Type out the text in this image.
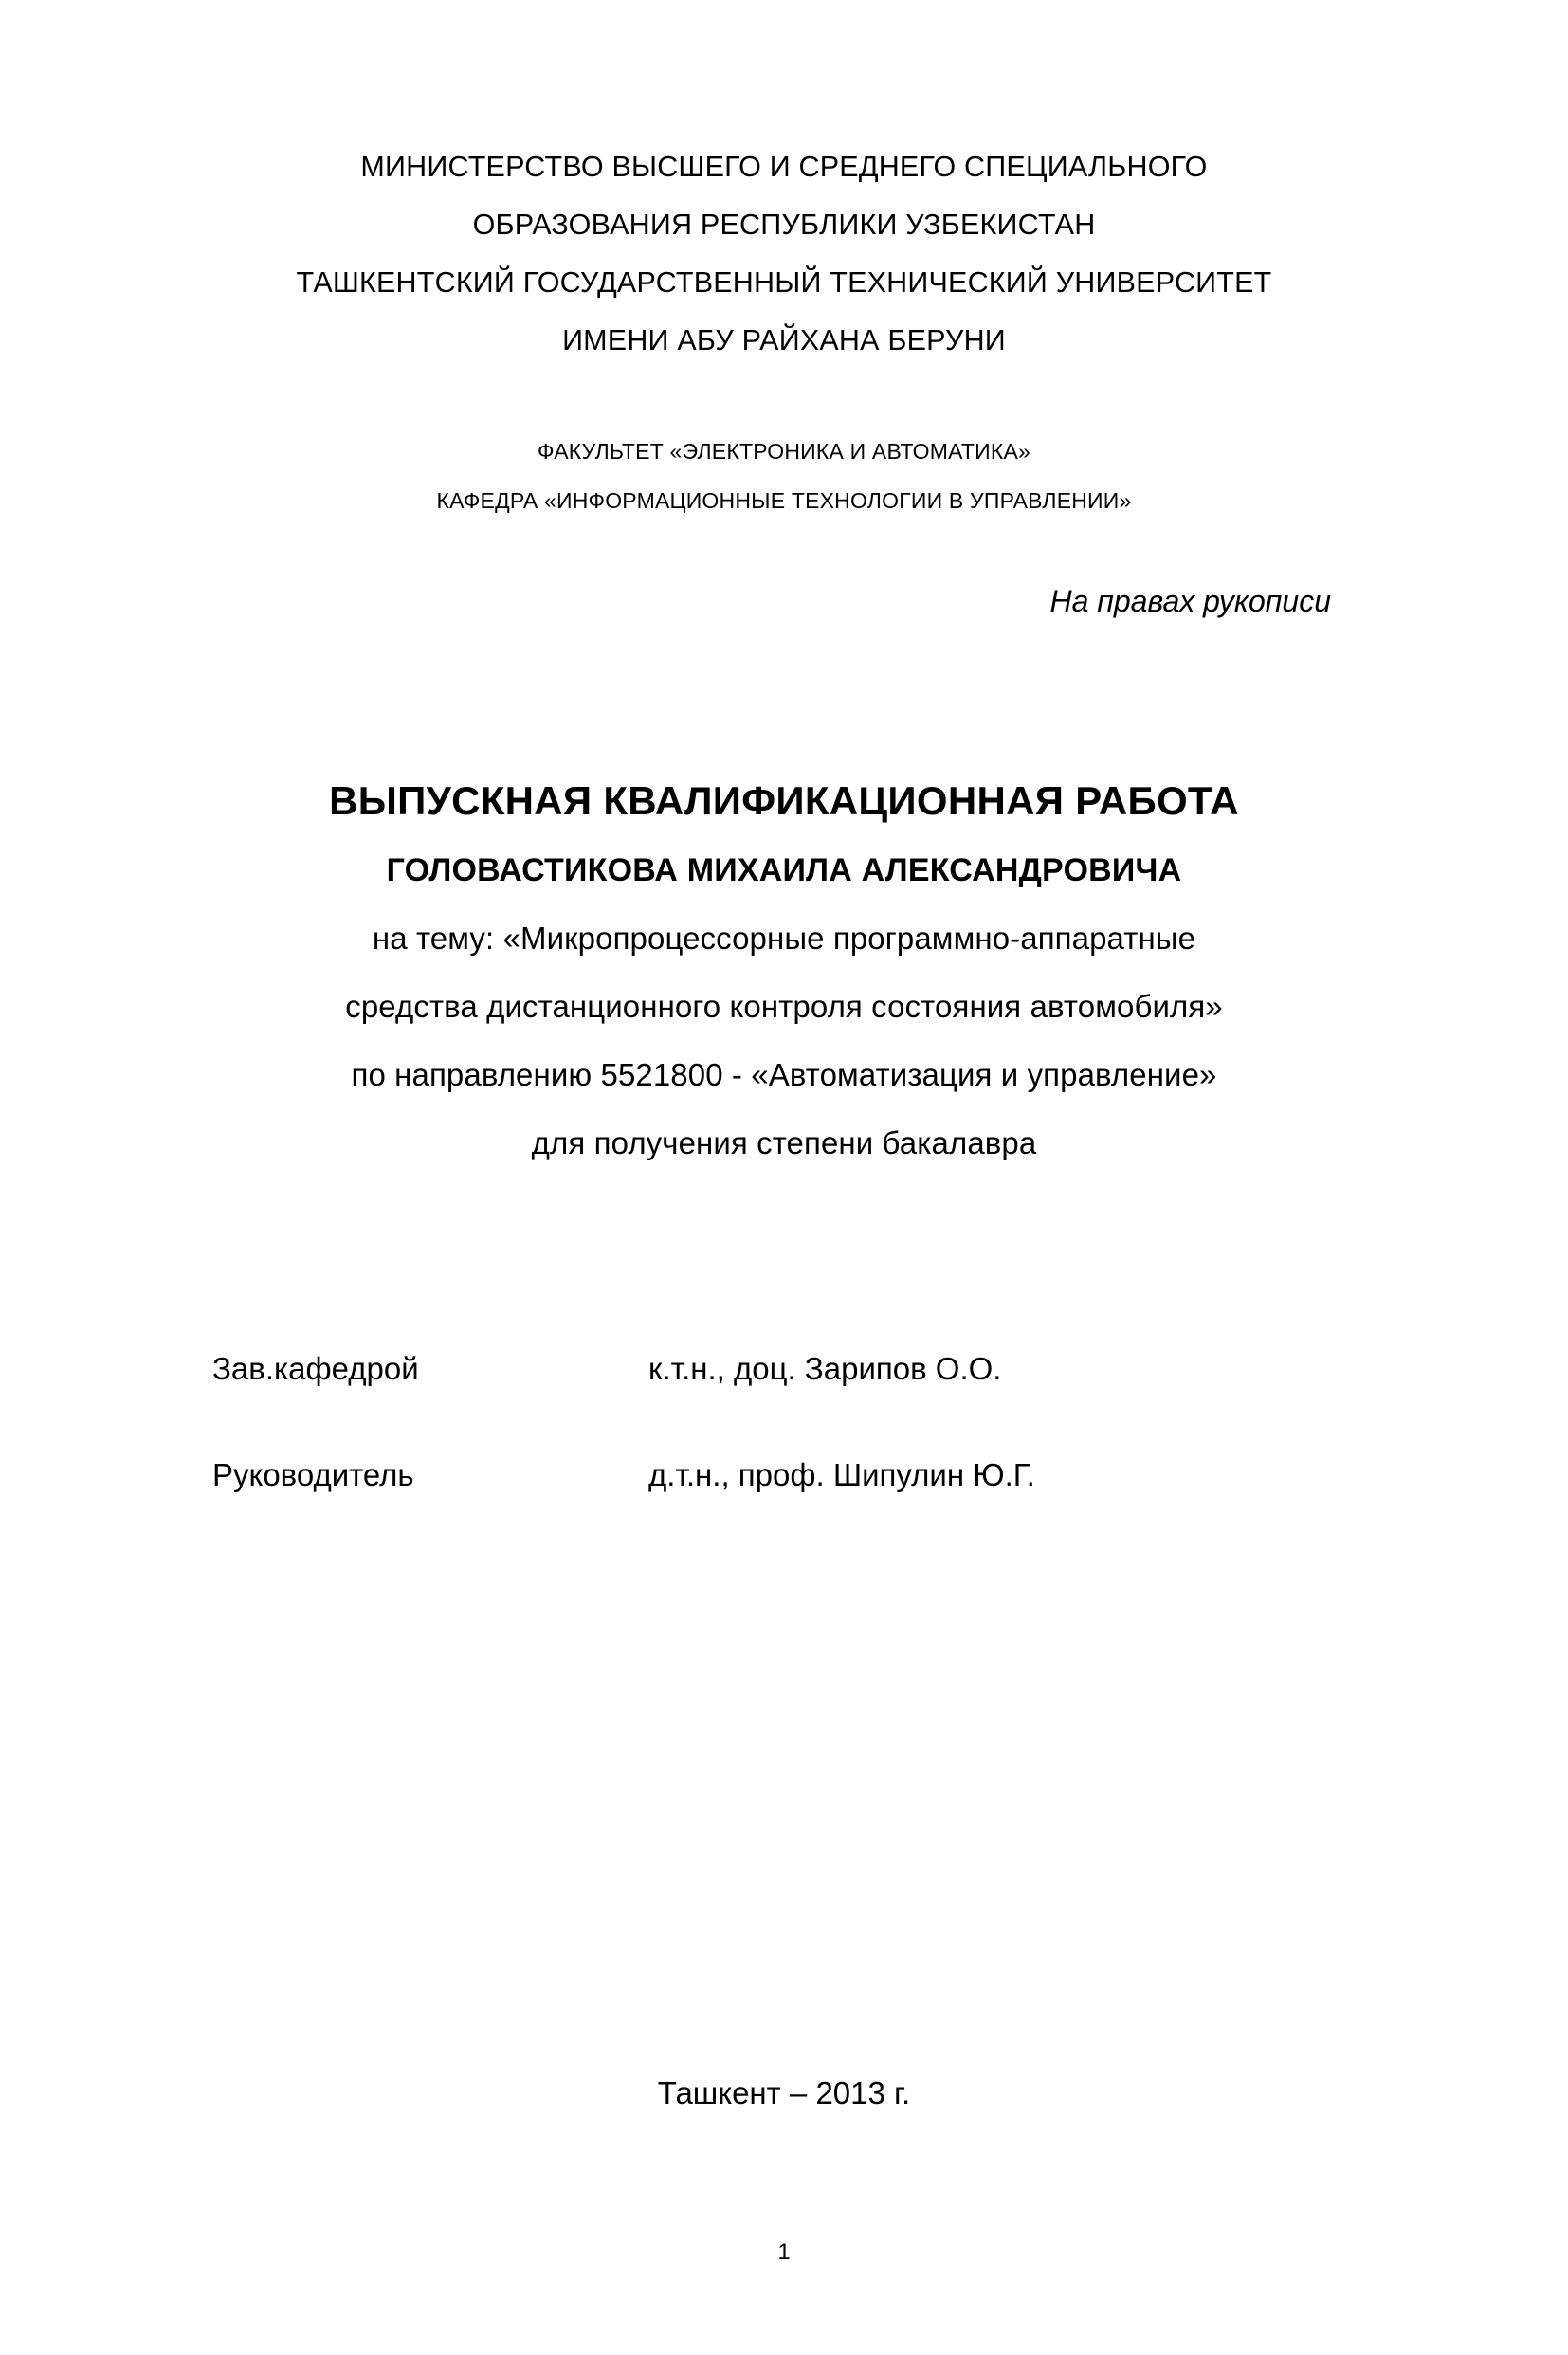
МИНИСТЕРСТВО ВЫСШЕГО И СРЕДНЕГО СПЕЦИАЛЬНОГО
ОБРАЗОВАНИЯ РЕСПУБЛИКИ УЗБЕКИСТАН
ТАШКЕНТСКИЙ ГОСУДАРСТВЕННЫЙ ТЕХНИЧЕСКИЙ УНИВЕРСИТЕТ
ИМЕНИ АБУ РАЙХАНА БЕРУНИ
ФАКУЛЬТЕТ «ЭЛЕКТРОНИКА И АВТОМАТИКА»
КАФЕДРА «ИНФОРМАЦИОННЫЕ ТЕХНОЛОГИИ В УПРАВЛЕНИИ»
На правах рукописи
ВЫПУСКНАЯ КВАЛИФИКАЦИОННАЯ РАБОТА
ГОЛОВАСТИКОВА МИХАИЛА АЛЕКСАНДРОВИЧА
на тему: «Микропроцессорные программно-аппаратные
средства дистанционного контроля состояния автомобиля»
по направлению 5521800 - «Автоматизация и управление»
для получения степени бакалавра
Зав.кафедрой	к.т.н., доц. Зарипов О.О.
Руководитель	д.т.н., проф. Шипулин Ю.Г.
Ташкент – 2013 г.
1
